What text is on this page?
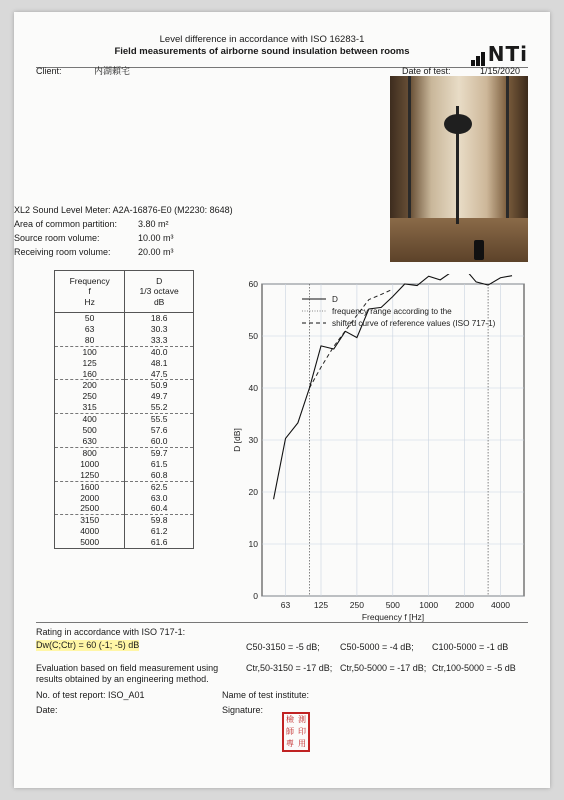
Level difference in accordance with ISO 16283-1
Field measurements of airborne sound insulation between rooms	NTi
Client:	内湖頼宅	Date of test:	1/15/2020
XL2 Sound Level Meter: A2A-16876-E0 (M2230: 8648)
Area of common partition: 3.80 m²
Source room volume:	10.00 m³
Receiving room volume:	20.00 m³
Frequency
f
Hz	D
1/3 octave
dB
50	18.6
63	30.3
80	33.3
100	40.0
125	48.1
160	47.5
200	50.9
250	49.7
315	55.2
400	55.5
500	57.6
630	60.0
800	59.7
1000	61.5
1250	60.8
1600	62.5
2000	63.0
2500	60.4
3150	59.8
4000	61.2
5000	61.6
0
10
20
30
40
50
60
63	125	250	500 1000 2000 4000
D
frequency range according to the
shifted curve of reference values (ISO 717-1)
Frequency f [Hz]
D [dB]
Rating in accordance with ISO 717-1:
Dw(C;Ctr) = 60 (-1; -5) dB	C50-3150 = -5 dB; C50-5000 = -4 dB; C100-5000 = -1 dB
Evaluation based on field measurement using
results obtained by an engineering method.
Ctr,50-3150 = -17 dB; Ctr,50-5000 = -17 dB; Ctr,100-5000 = -5 dB
No. of test report: ISO_A01
Date:
Name of test institute:
Signature:
檢 測
師 印
專 用
